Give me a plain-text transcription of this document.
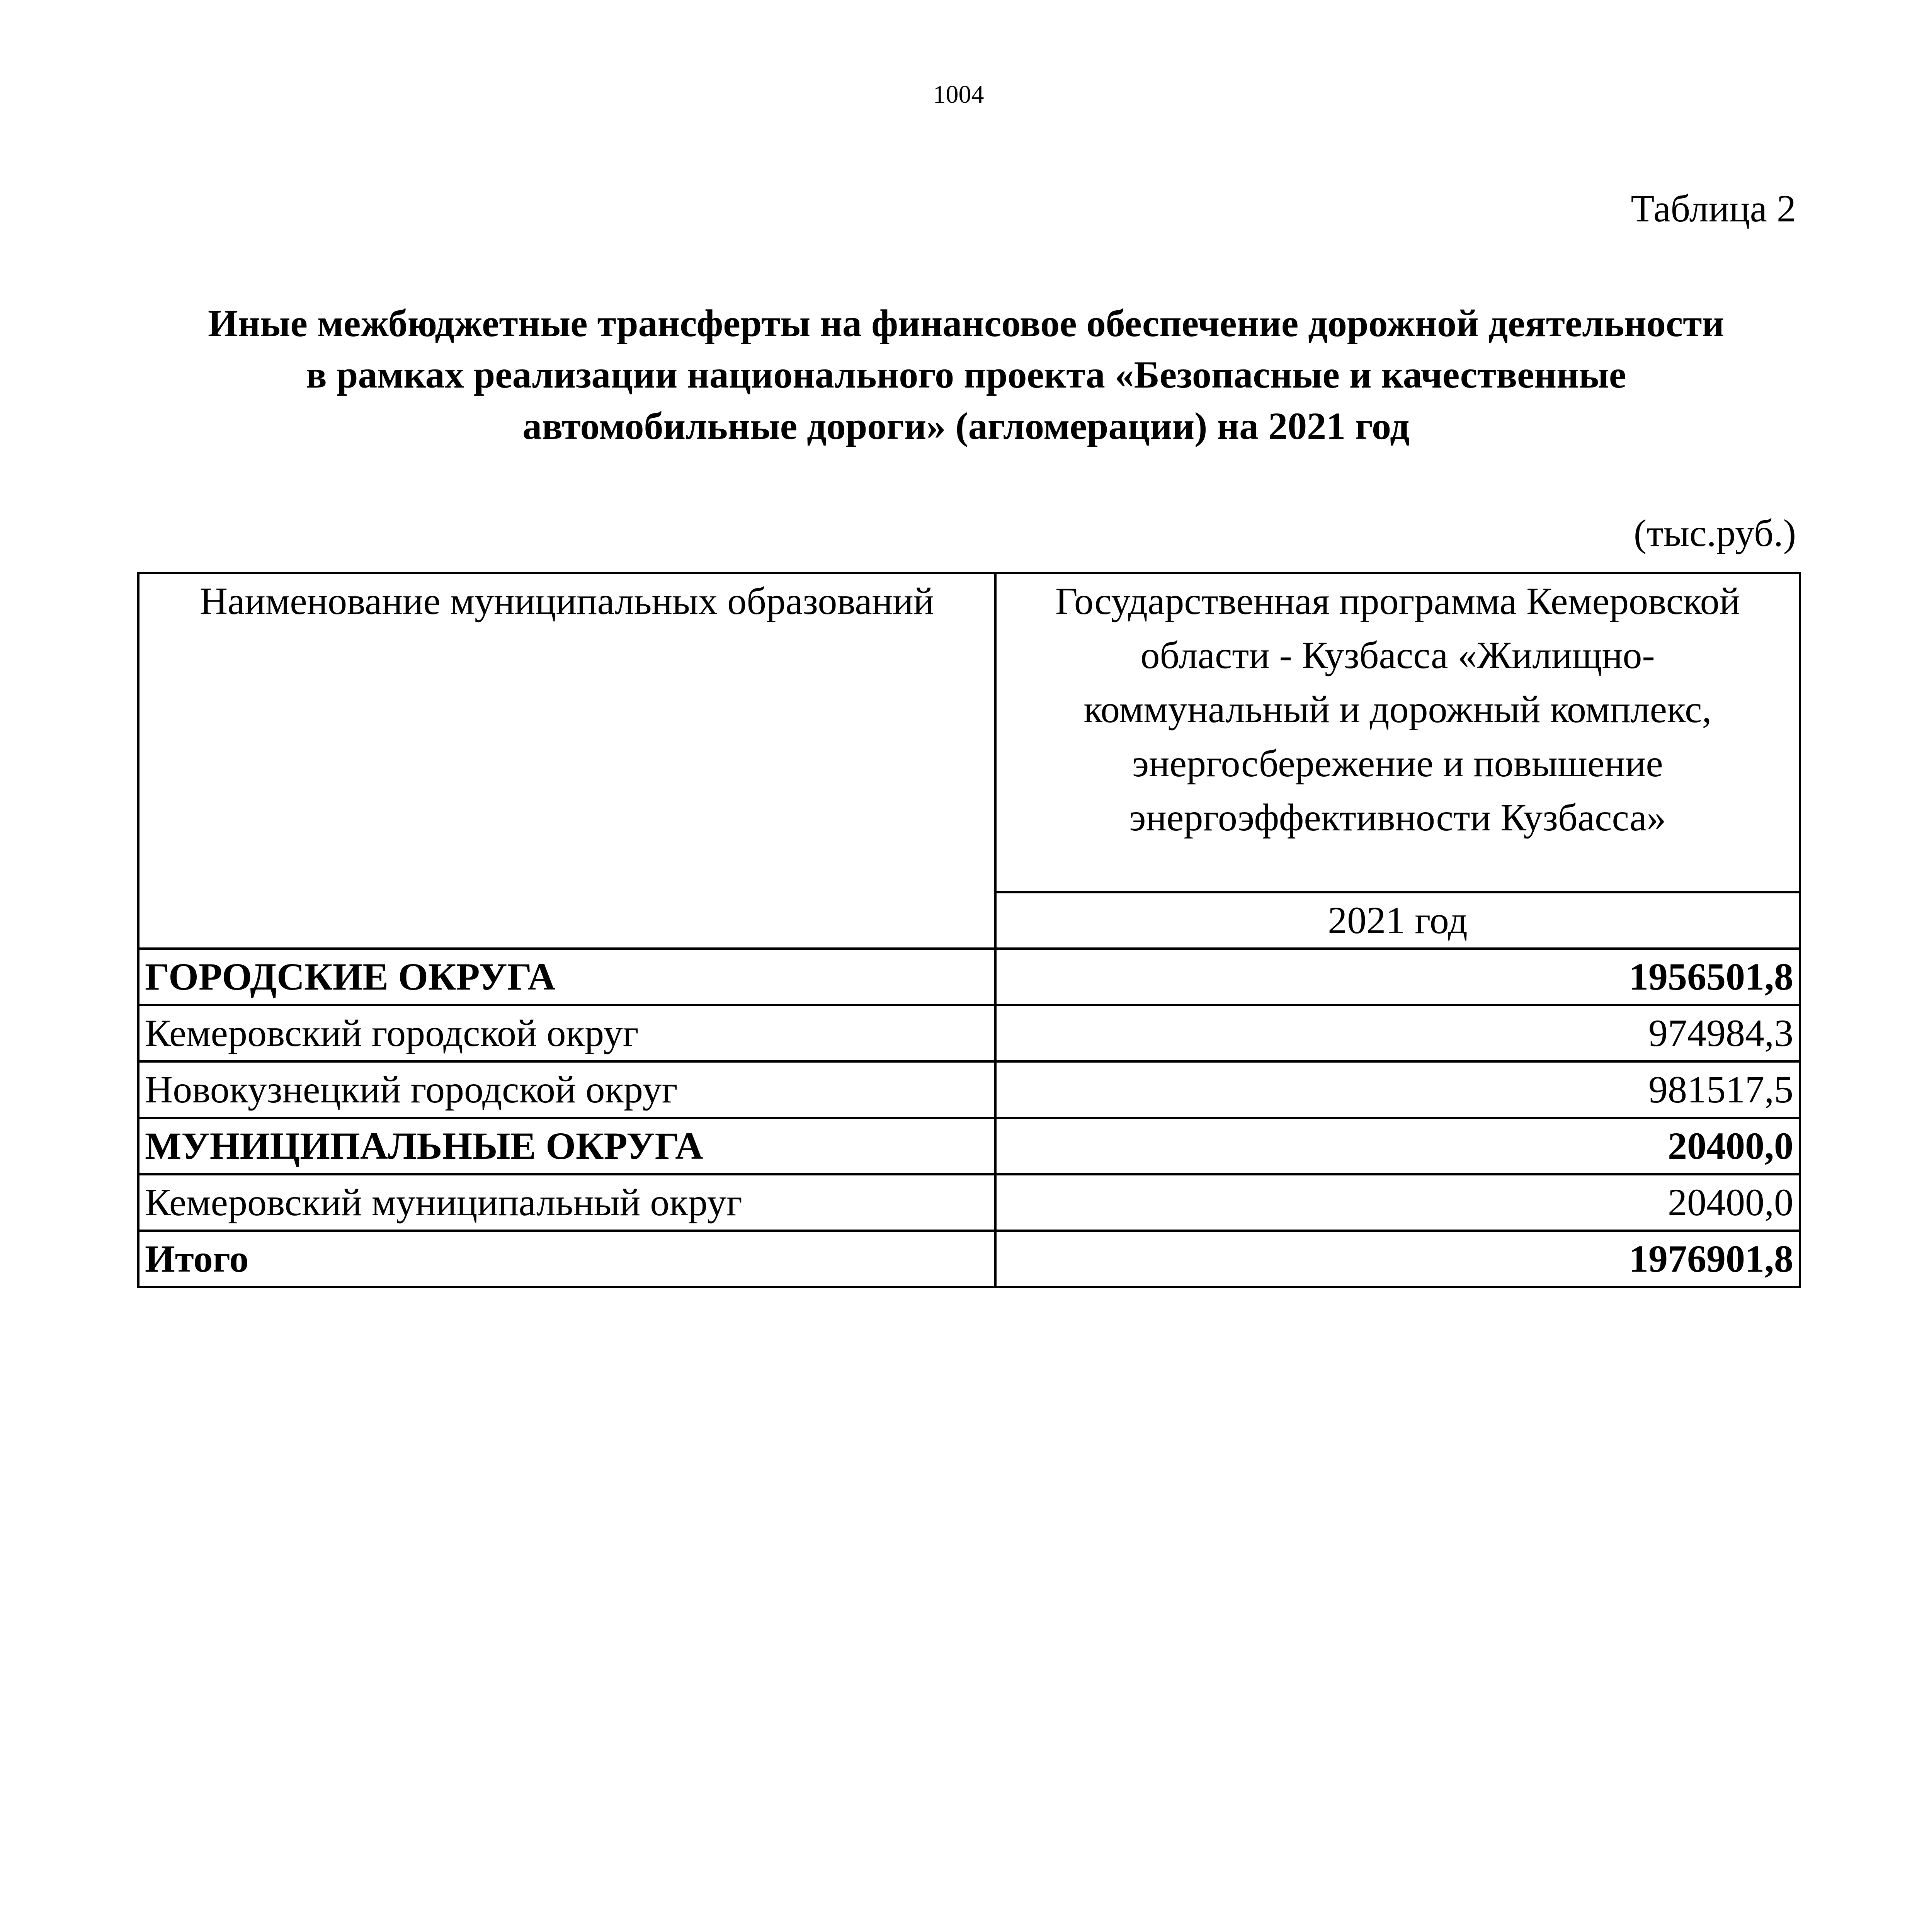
1004
Таблица 2
Иные межбюджетные трансферты на финансовое обеспечение дорожной деятельности
в рамках реализации национального проекта «Безопасные и качественные
автомобильные дороги» (агломерации) на 2021 год
(тыс.руб.)
Наименование муниципальных образований	Государственная программа Кемеровской
области - Кузбасса «Жилищно-
коммунальный и дорожный комплекс,
энергосбережение и повышение
энергоэффективности Кузбасса»

	2021 год
ГОРОДСКИЕ ОКРУГА	1956501,8
Кемеровский городской округ	974984,3
Новокузнецкий городской округ	981517,5
МУНИЦИПАЛЬНЫЕ ОКРУГА	20400,0
Кемеровский муниципальный округ	20400,0
Итого	1976901,8
